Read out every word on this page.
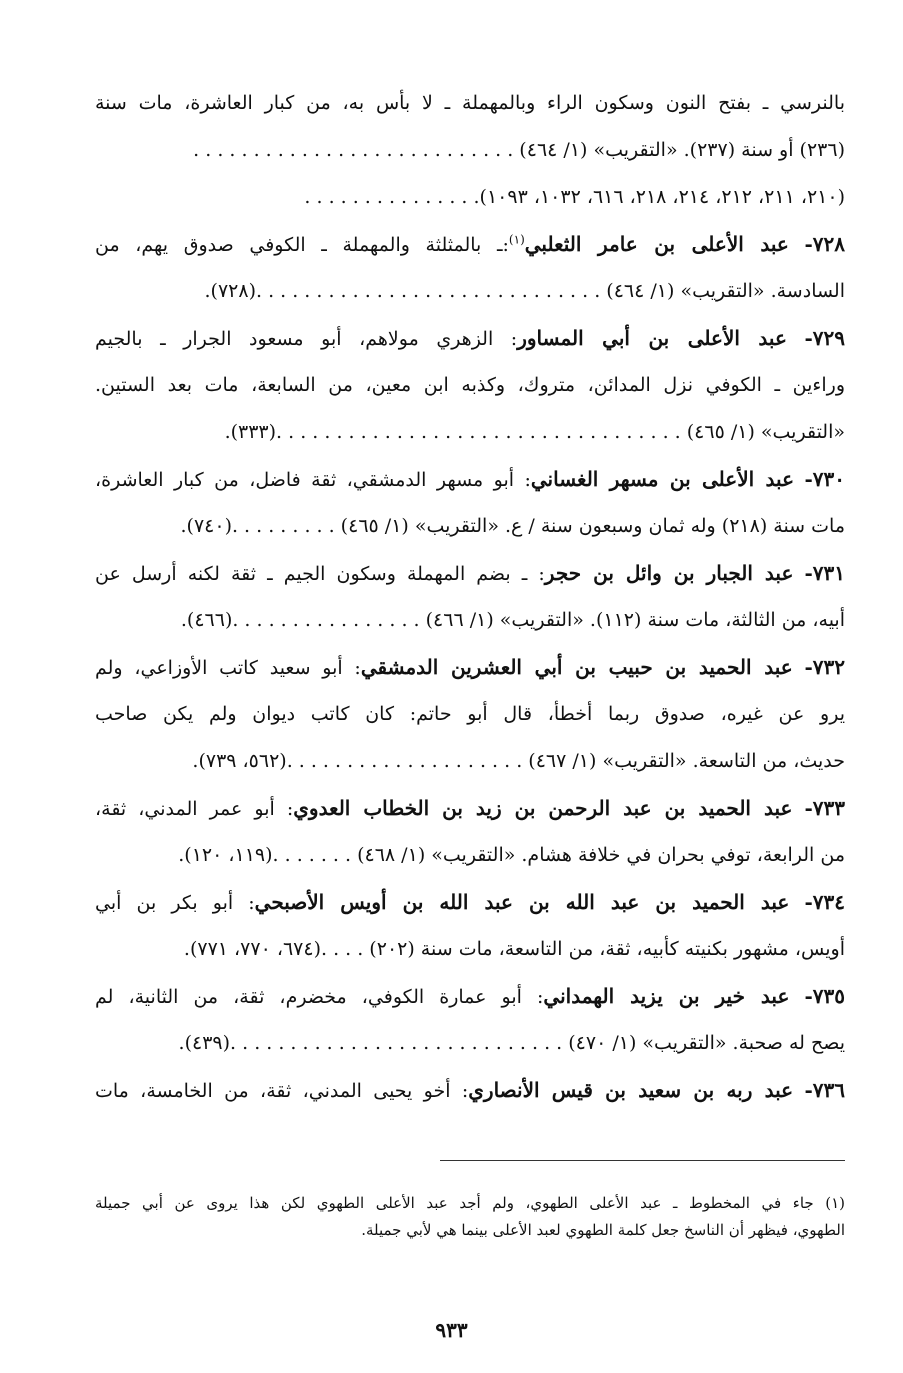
بالنرسي ـ بفتح النون وسكون الراء وبالمهملة ـ لا بأس به، من كبار العاشرة، مات سنة
(٢٣٦) أو سنة (٢٣٧). «التقريب» (١/ ٤٦٤) . . . . . . . . . . . . . . . . . . . . . . . . . . .
(٢١٠، ٢١١، ٢١٢، ٢١٤، ٢١٨، ٦١٦، ١٠٣٢، ١٠٩٣). . . . . . . . . . . . . . .
٧٢٨- عبد الأعلى بن عامر الثعلبي$^{(١)}$:ـ بالمثلثة والمهملة ـ الكوفي صدوق يهم، من
السادسة. «التقريب» (١/ ٤٦٤) . . . . . . . . . . . . . . . . . . . . . . . . . . . . .(٧٢٨).
٧٢٩- عبد الأعلى بن أبي المساور: الزهري مولاهم، أبو مسعود الجرار ـ بالجيم
وراءين ـ الكوفي نزل المدائن، متروك، وكذبه ابن معين، من السابعة، مات بعد الستين.
«التقريب» (١/ ٤٦٥) . . . . . . . . . . . . . . . . . . . . . . . . . . . . . . . . . .(٣٣٣).
٧٣٠- عبد الأعلى بن مسهر الغساني: أبو مسهر الدمشقي، ثقة فاضل، من كبار العاشرة،
مات سنة (٢١٨) وله ثمان وسبعون سنة / ع. «التقريب» (١/ ٤٦٥) . . . . . . . . .(٧٤٠).
٧٣١- عبد الجبار بن وائل بن حجر: ـ بضم المهملة وسكون الجيم ـ ثقة لكنه أرسل عن
أبيه، من الثالثة، مات سنة (١١٢). «التقريب» (١/ ٤٦٦) . . . . . . . . . . . . . . . .(٤٦٦).
٧٣٢- عبد الحميد بن حبيب بن أبي العشرين الدمشقي: أبو سعيد كاتب الأوزاعي، ولم
يرو عن غيره، صدوق ربما أخطأ، قال أبو حاتم: كان كاتب ديوان ولم يكن صاحب
حديث، من التاسعة. «التقريب» (١/ ٤٦٧) . . . . . . . . . . . . . . . . . . . .(٥٦٢، ٧٣٩).
٧٣٣- عبد الحميد بن عبد الرحمن بن زيد بن الخطاب العدوي: أبو عمر المدني، ثقة،
من الرابعة، توفي بحران في خلافة هشام. «التقريب» (١/ ٤٦٨) . . . . . . .(١١٩، ١٢٠).
٧٣٤- عبد الحميد بن عبد الله بن عبد الله بن أويس الأصبحي: أبو بكر بن أبي
أويس، مشهور بكنيته كأبيه، ثقة، من التاسعة، مات سنة (٢٠٢) . . . .(٦٧٤، ٧٧٠، ٧٧١).
٧٣٥- عبد خير بن يزيد الهمداني: أبو عمارة الكوفي، مخضرم، ثقة، من الثانية، لم
يصح له صحبة. «التقريب» (١/ ٤٧٠) . . . . . . . . . . . . . . . . . . . . . . . . . . . .(٤٣٩).
٧٣٦- عبد ربه بن سعيد بن قيس الأنصاري: أخو يحيى المدني، ثقة، من الخامسة، مات
(١) جاء في المخطوط ـ عبد الأعلى الطهوي، ولم أجد عبد الأعلى الطهوي لكن هذا يروى عن أبي جميلة
الطهوي، فيظهر أن الناسخ جعل كلمة الطهوي لعبد الأعلى بينما هي لأبي جميلة.
٩٣٣
